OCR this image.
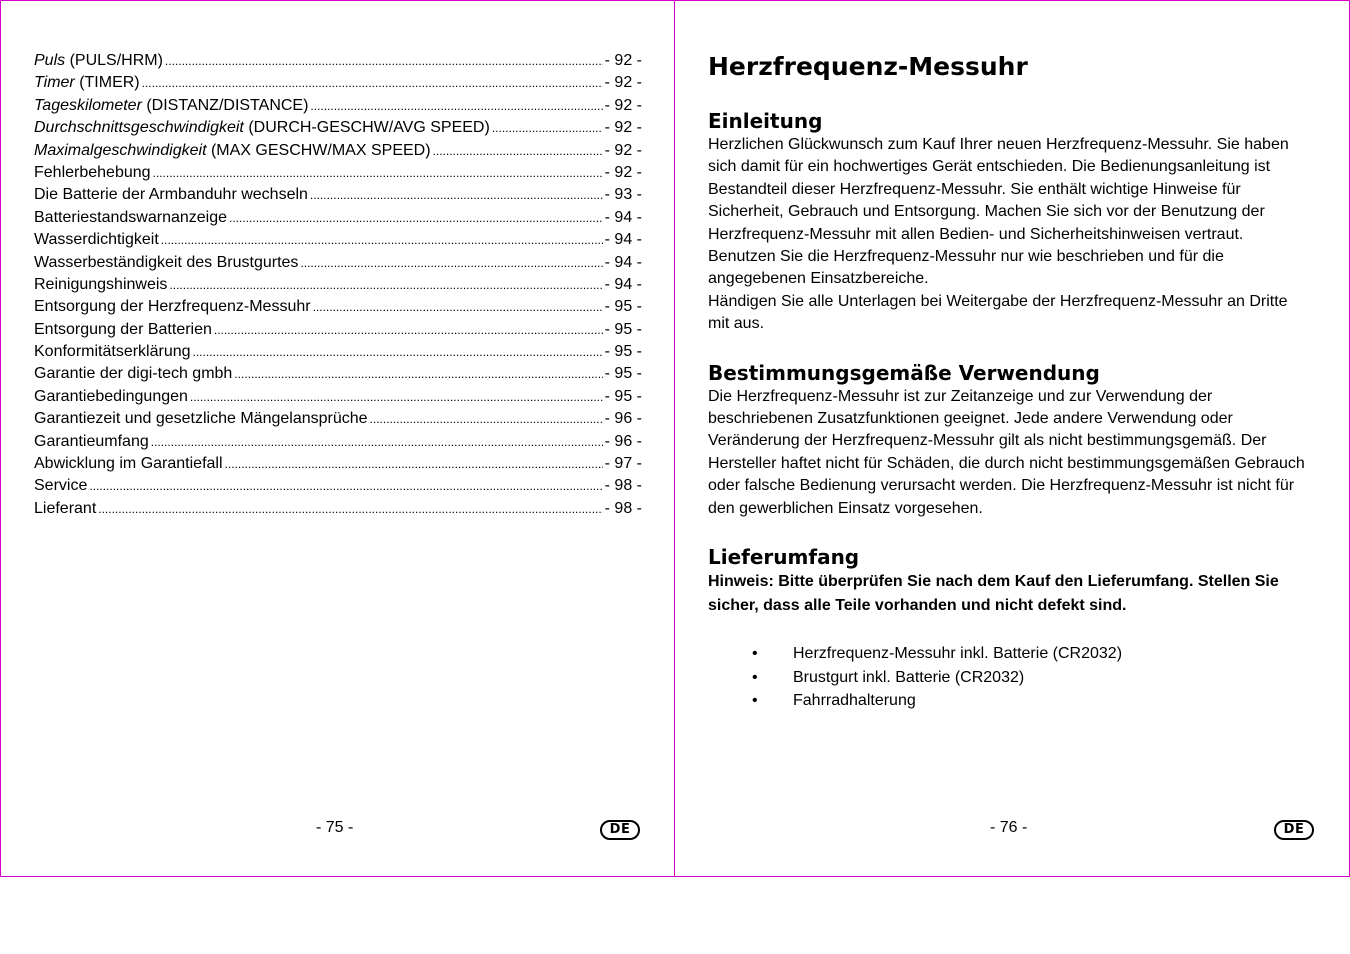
Puls (PULS/HRM) .....	- 92 -
Timer (TIMER) .....	- 92 -
Tageskilometer (DISTANZ/DISTANCE) .....	- 92 -
Durchschnittsgeschwindigkeit (DURCH-GESCHW/AVG SPEED) .....	- 92 -
Maximalgeschwindigkeit (MAX GESCHW/MAX SPEED) .....	- 92 -
Fehlerbehebung .....	- 92 -
Die Batterie der Armbanduhr wechseln .....	- 93 -
Batteriestandswarnanzeige .....	- 94 -
Wasserdichtigkeit .....	- 94 -
Wasserbeständigkeit des Brustgurtes .....	- 94 -
Reinigungshinweis .....	- 94 -
Entsorgung der Herzfrequenz-Messuhr .....	- 95 -
Entsorgung der Batterien .....	- 95 -
Konformitätserklärung .....	- 95 -
Garantie der digi-tech gmbh .....	- 95 -
Garantiebedingungen .....	- 95 -
Garantiezeit und gesetzliche Mängelansprüche .....	- 96 -
Garantieumfang .....	- 96 -
Abwicklung im Garantiefall .....	- 97 -
Service .....	- 98 -
Lieferant .....	- 98 -
- 75 -	DE
Herzfrequenz-Messuhr
Einleitung

Herzlichen Glückwunsch zum Kauf Ihrer neuen Herzfrequenz-Messuhr. Sie haben sich damit für ein hochwertiges Gerät entschieden. Die Bedienungsanleitung ist Bestandteil dieser Herzfrequenz-Messuhr. Sie enthält wichtige Hinweise für Sicherheit, Gebrauch und Entsorgung. Machen Sie sich vor der Benutzung der Herzfrequenz-Messuhr mit allen Bedien- und Sicherheitshinweisen vertraut. Benutzen Sie die Herzfrequenz-Messuhr nur wie beschrieben und für die angegebenen Einsatzbereiche.

Händigen Sie alle Unterlagen bei Weitergabe der Herzfrequenz-Messuhr an Dritte mit aus.

Bestimmungsgemäße Verwendung

Die Herzfrequenz-Messuhr ist zur Zeitanzeige und zur Verwendung der beschriebenen Zusatzfunktionen geeignet. Jede andere Verwendung oder Veränderung der Herzfrequenz-Messuhr gilt als nicht bestimmungsgemäß. Der Hersteller haftet nicht für Schäden, die durch nicht bestimmungsgemäßen Gebrauch oder falsche Bedienung verursacht werden. Die Herzfrequenz-Messuhr ist nicht für den gewerblichen Einsatz vorgesehen.

Lieferumfang

Hinweis: Bitte überprüfen Sie nach dem Kauf den Lieferumfang. Stellen Sie sicher, dass alle Teile vorhanden und nicht defekt sind.

• Herzfrequenz-Messuhr inkl. Batterie (CR2032)
• Brustgurt inkl. Batterie (CR2032)
• Fahrradhalterung
- 76 -	DE
